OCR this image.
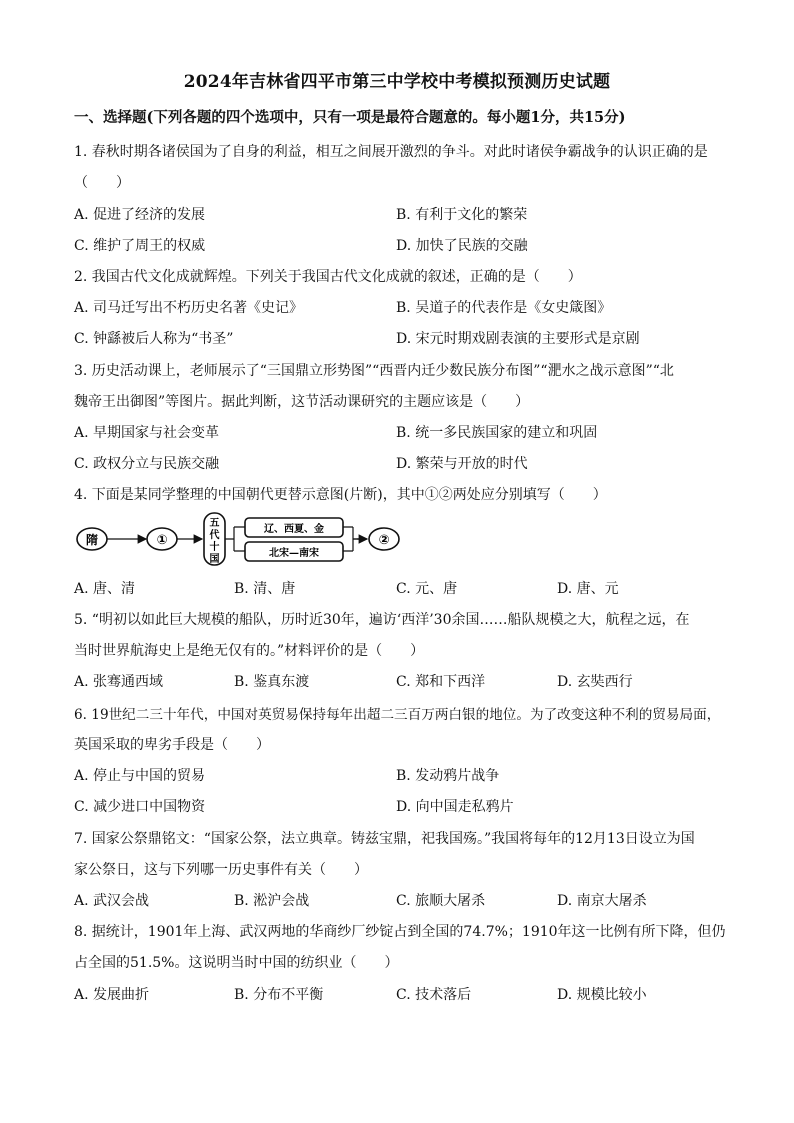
2024年吉林省四平市第三中学校中考模拟预测历史试题
一、选择题(下列各题的四个选项中，只有一项是最符合题意的。每小题1分，共15分)
1. 春秋时期各诸侯国为了自身的利益，相互之间展开激烈的争斗。对此时诸侯争霸战争的认识正确的是
（　　）
A. 促进了经济的发展	B. 有利于文化的繁荣
C. 维护了周王的权威	D. 加快了民族的交融
2. 我国古代文化成就辉煌。下列关于我国古代文化成就的叙述，正确的是（　　）
A. 司马迁写出不朽历史名著《史记》	B. 吴道子的代表作是《女史箴图》
C. 钟繇被后人称为“书圣”	D. 宋元时期戏剧表演的主要形式是京剧
3. 历史活动课上，老师展示了“三国鼎立形势图”“西晋内迁少数民族分布图”“淝水之战示意图”“北
魏帝王出御图”等图片。据此判断，这节活动课研究的主题应该是（　　）
A. 早期国家与社会变革	B. 统一多民族国家的建立和巩固
C. 政权分立与民族交融	D. 繁荣与开放的时代
4. 下面是某同学整理的中国朝代更替示意图(片断)，其中①②两处应分别填写（　　）
隋	①
五
代
十
国
辽、西夏、金
北宋—南宋
②
A. 唐、清	B. 清、唐	C. 元、唐	D. 唐、元
5. “明初以如此巨大规模的船队，历时近30年，遍访‘西洋’30余国……船队规模之大，航程之远，在
当时世界航海史上是绝无仅有的。”材料评价的是（　　）
A. 张骞通西域	B. 鉴真东渡	C. 郑和下西洋	D. 玄奘西行
6. 19世纪二三十年代，中国对英贸易保持每年出超二三百万两白银的地位。为了改变这种不利的贸易局面，
英国采取的卑劣手段是（　　）
A. 停止与中国的贸易	B. 发动鸦片战争
C. 减少进口中国物资	D. 向中国走私鸦片
7. 国家公祭鼎铭文：“国家公祭，法立典章。铸兹宝鼎，祀我国殇。”我国将每年的12月13日设立为国
家公祭日，这与下列哪一历史事件有关（　　）
A. 武汉会战	B. 淞沪会战	C. 旅顺大屠杀	D. 南京大屠杀
8. 据统计，1901年上海、武汉两地的华商纱厂纱锭占到全国的74.7%；1910年这一比例有所下降，但仍
占全国的51.5%。这说明当时中国的纺织业（　　）
A. 发展曲折	B. 分布不平衡	C. 技术落后	D. 规模比较小
